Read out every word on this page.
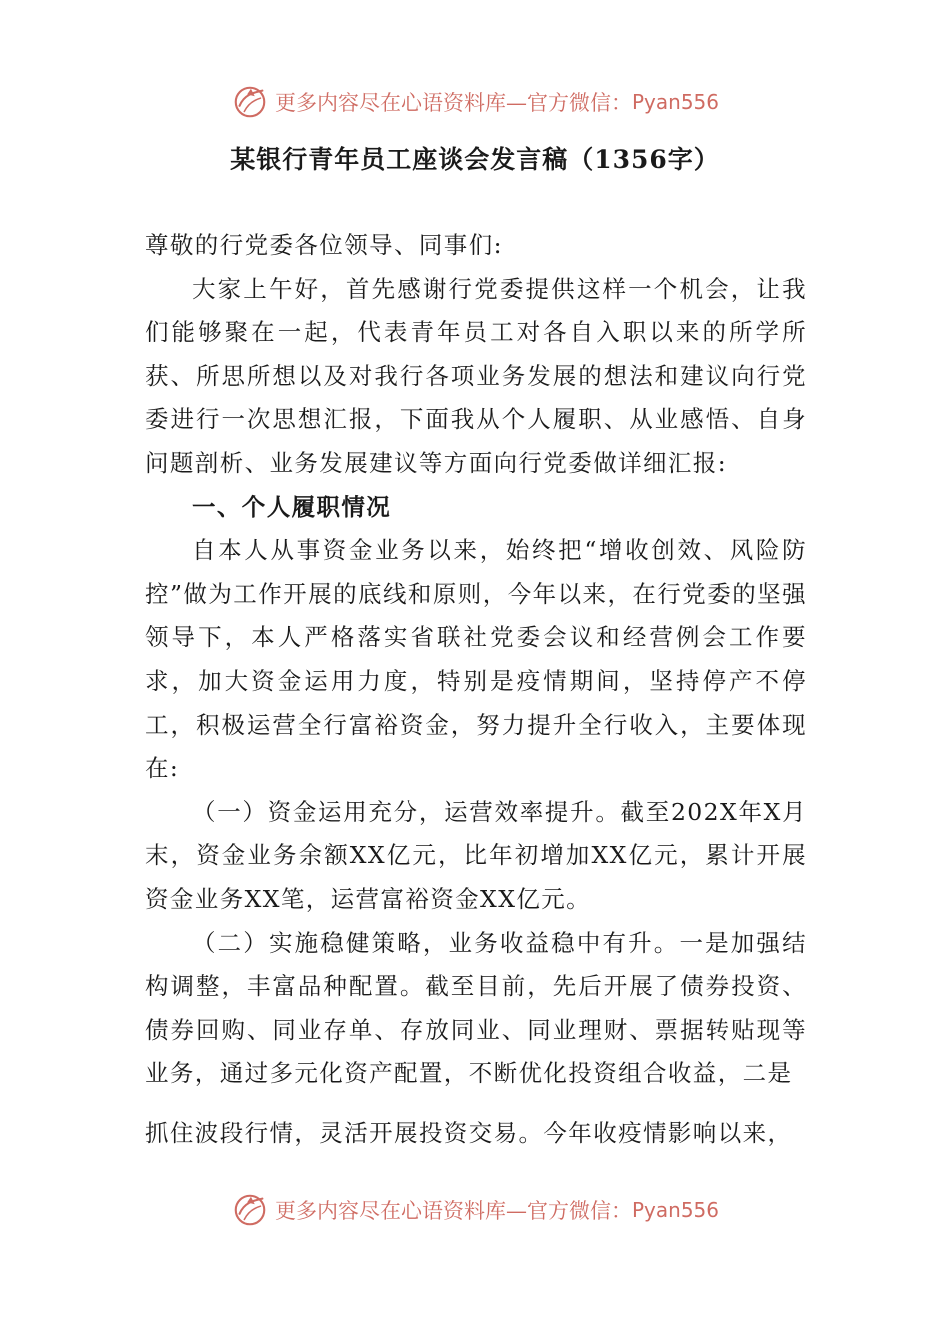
更多内容尽在心语资料库—官方微信： Pyan556
某银行青年员工座谈会发言稿（1356字）

尊敬的行党委各位领导、同事们:

大家上午好，首先感谢行党委提供这样一个机会，让我们能够聚在一起，代表青年员工对各自入职以来的所学所获、所思所想以及对我行各项业务发展的想法和建议向行党委进行一次思想汇报，下面我从个人履职、从业感悟、自身问题剖析、业务发展建议等方面向行党委做详细汇报:

一、个人履职情况

自本人从事资金业务以来，始终把“增收创效、风险防控”做为工作开展的底线和原则，今年以来，在行党委的坚强领导下，本人严格落实省联社党委会议和经营例会工作要求，加大资金运用力度，特别是疫情期间，坚持停产不停工，积极运营全行富裕资金，努力提升全行收入，主要体现在:

（一）资金运用充分，运营效率提升。截至202X年X月末，资金业务余额XX亿元，比年初增加XX亿元，累计开展资金业务XX笔，运营富裕资金XX亿元。

（二）实施稳健策略，业务收益稳中有升。一是加强结构调整，丰富品种配置。截至目前，先后开展了债券投资、债券回购、同业存单、存放同业、同业理财、票据转贴现等业务，通过多元化资产配置，不断优化投资组合收益，二是

抓住波段行情，灵活开展投资交易。今年收疫情影响以来，

更多内容尽在心语资料库—官方微信： Pyan556
